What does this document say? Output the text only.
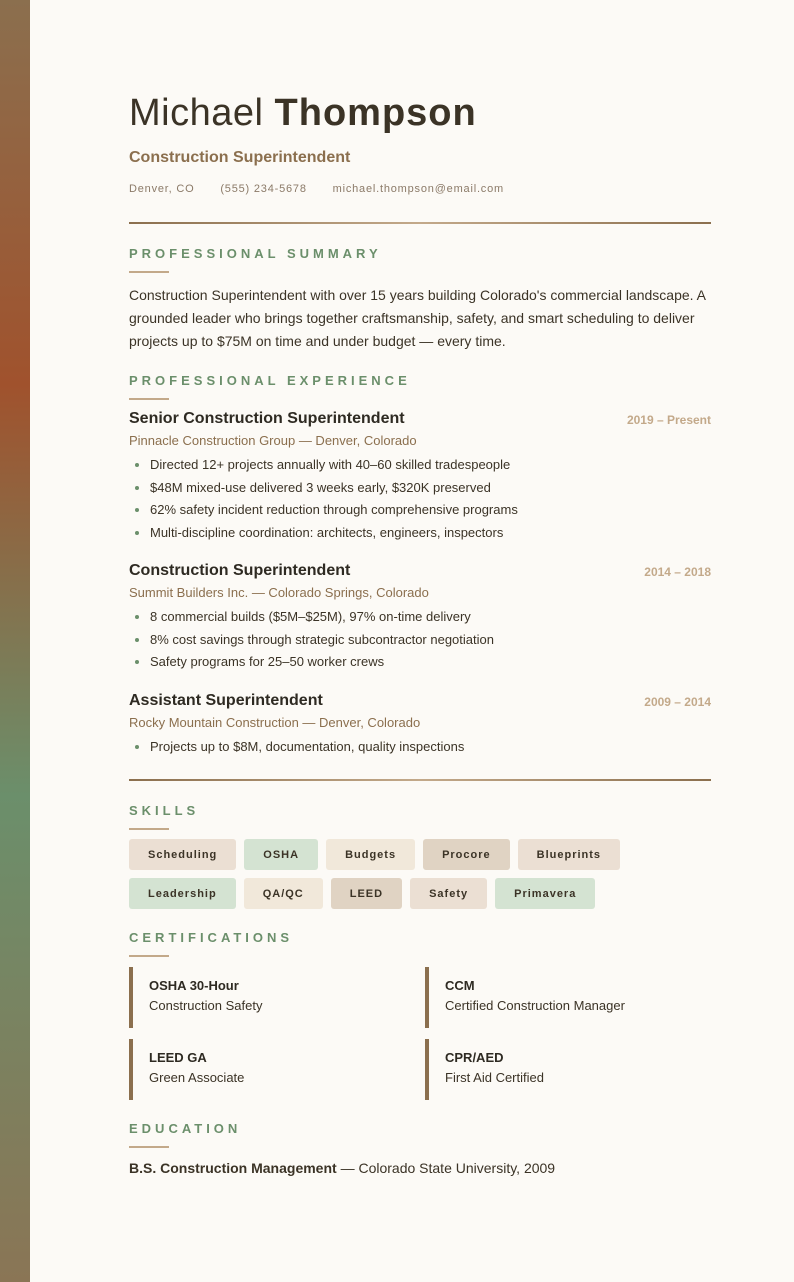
Michael Thompson
Construction Superintendent
Denver, CO (555) 234-5678 michael.thompson@email.com
PROFESSIONAL SUMMARY
Construction Superintendent with over 15 years building Colorado's commercial landscape. A grounded leader who brings together craftsmanship, safety, and smart scheduling to deliver projects up to $75M on time and under budget — every time.
PROFESSIONAL EXPERIENCE
Senior Construction Superintendent	2019 – Present
Pinnacle Construction Group — Denver, Colorado
• Directed 12+ projects annually with 40–60 skilled tradespeople
• $48M mixed-use delivered 3 weeks early, $320K preserved
• 62% safety incident reduction through comprehensive programs
• Multi-discipline coordination: architects, engineers, inspectors
Construction Superintendent	2014 – 2018
Summit Builders Inc. — Colorado Springs, Colorado
• 8 commercial builds ($5M–$25M), 97% on-time delivery
• 8% cost savings through strategic subcontractor negotiation
• Safety programs for 25–50 worker crews
Assistant Superintendent	2009 – 2014
Rocky Mountain Construction — Denver, Colorado
• Projects up to $8M, documentation, quality inspections
SKILLS
Scheduling	OSHA	Budgets	Procore	Blueprints
Leadership	QA/QC	LEED	Safety	Primavera
CERTIFICATIONS
OSHA 30-Hour
Construction Safety
CCM
Certified Construction Manager
LEED GA
Green Associate
CPR/AED
First Aid Certified
EDUCATION
B.S. Construction Management — Colorado State University, 2009
